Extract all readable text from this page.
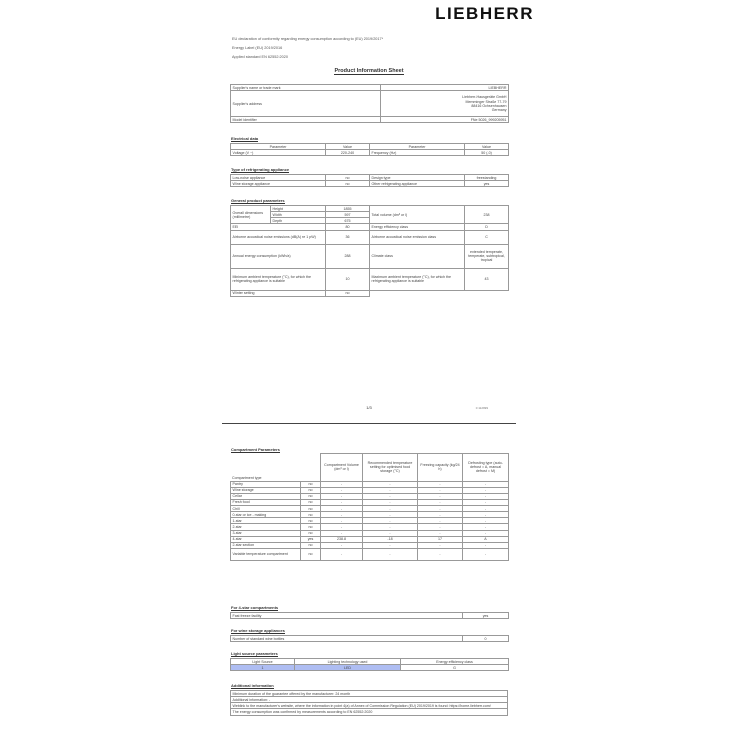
LIEBHERR
EU declaration of conformity regarding energy consumption according to (EU) 2019/2017*
Energy Label (EU) 2019/2016
Applied standard EN 62552:2020
Product Information Sheet
Supplier's name or trade mark	LIEBHERR
Supplier's address	Liebherr-Hausgeräte GmbH
Memminger Straße 77-79
88416 Ochsenhausen
Germany
Model identifier	FNe 5026_999205951
Electrical data
Parameter	Value	Parameter	Value
Voltage (V ~)	220-240	Frequency (Hz)	50 (-0)
Type of refrigerating appliance
Low-noise appliance	no	Design type	freestanding
Wine storage appliance	no	Other refrigerating appliance	yes
General product parameters
Overall dimensions (millimetre)	Height	1855	Total volume (dm³ or l)	238
	Width	597		
	Depth	675		
EEI		80	Energy efficiency class	D
Airborne acoustical noise emissions (dB(A) re 1 pW)		36	Airborne acoustical noise emission class	C
Annual energy consumption (kWh/a)		288	Climate class	extended temperate, temperate, subtropical, tropical
Minimum ambient temperature (°C), for which the refrigerating appliance is suitable		10	Maximum ambient temperature (°C), for which the refrigerating appliance is suitable	43
Winter setting		no		
1/3	0 112999
Compartment Parameters
Compartment type		Compartment Volume (dm³ or l)	Recommended temperature setting for optimised food storage (°C)	Freezing capacity (kg/24 h)	Defrosting type (auto-defrost = A, manual defrost = M)
Pantry	no	-	-	-	-
Wine storage	no	-	-	-	-
Cellar	no	-	-	-	-
Fresh food	no	-	-	-	-
Chill	no	-	-	-	-
0-star or ice - making	no	-	-	-	-
1-star	no	-	-	-	-
2-star	no	-	-	-	-
3-star	no	-	-	-	-
4-star	yes	238.8	-18	17	A
2-star section	no	-	-	-	-
Variable temperature compartment	no	-	-	-	-
For 4-star compartments
Fast freeze facility	yes
For wine storage appliances
Number of standard wine bottles	0
Light source parameters
Light Source	Lighting technology used	Energy efficiency class
1	LED	G
Additional information
Minimum duration of the guarantee offered by the manufacturer: 24 month
Additional information: -
Weblink to the manufacturer's website, where the information in point 4(a) of Annex of Commission Regulation (EU) 2019/2019 is found: https://home.liebherr.com/
The energy consumption was confirmed by measurements according to EN 62552:2020
